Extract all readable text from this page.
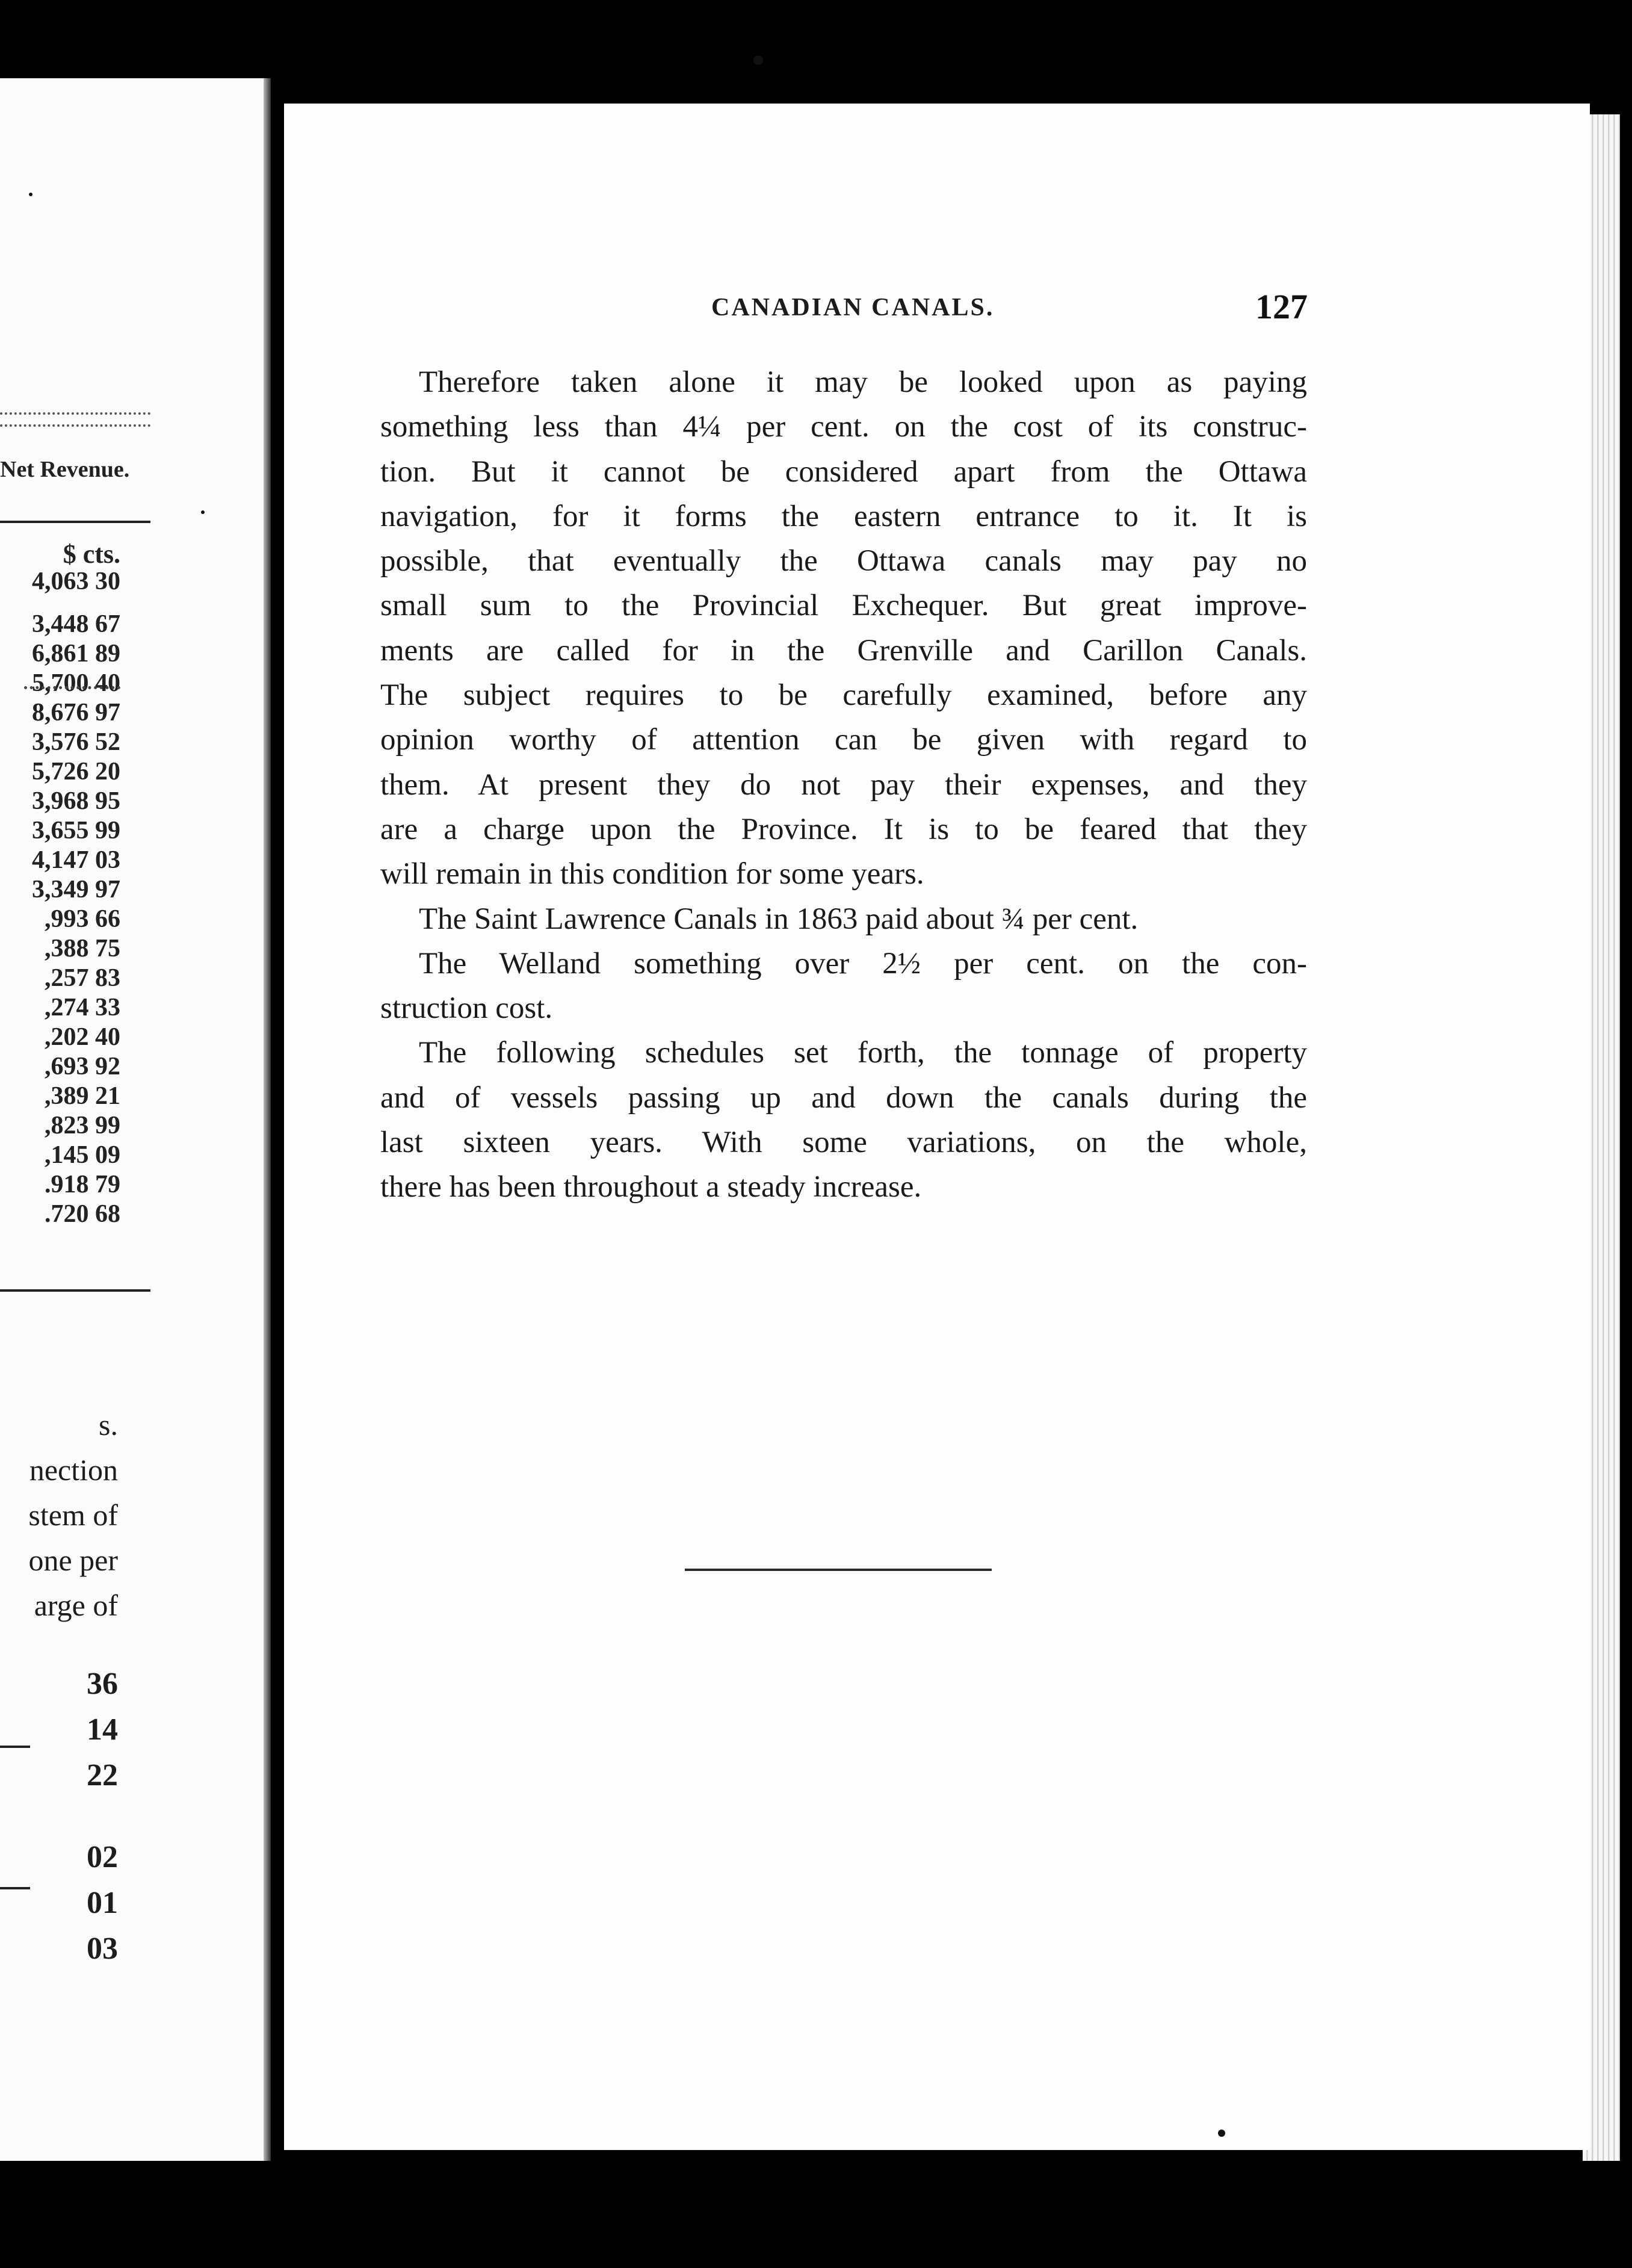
Net Revenue.
$ cts.
4,063 30
3,448 67
6,861 89
5,700 40
8,676 97
3,576 52
5,726 20
3,968 95
3,655 99
4,147 03
3,349 97
,993 66
,388 75
,257 83
,274 33
,202 40
,693 92
,389 21
,823 99
,145 09
.918 79
.720 68
s.
nection
stem of
one per
arge of
36
14
22
02
01
03
CANADIAN CANALS.	127
Therefore taken alone it may be looked upon as paying
something less than 4¼ per cent. on the cost of its construc-
tion. But it cannot be considered apart from the Ottawa
navigation, for it forms the eastern entrance to it. It is
possible, that eventually the Ottawa canals may pay no
small sum to the Provincial Exchequer. But great improve-
ments are called for in the Grenville and Carillon Canals.
The subject requires to be carefully examined, before any
opinion worthy of attention can be given with regard to
them. At present they do not pay their expenses, and they
are a charge upon the Province. It is to be feared that they
will remain in this condition for some years.
The Saint Lawrence Canals in 1863 paid about ¾ per cent.
The Welland something over 2½ per cent. on the con-
struction cost.
The following schedules set forth, the tonnage of property
and of vessels passing up and down the canals during the
last sixteen years. With some variations, on the whole,
there has been throughout a steady increase.
